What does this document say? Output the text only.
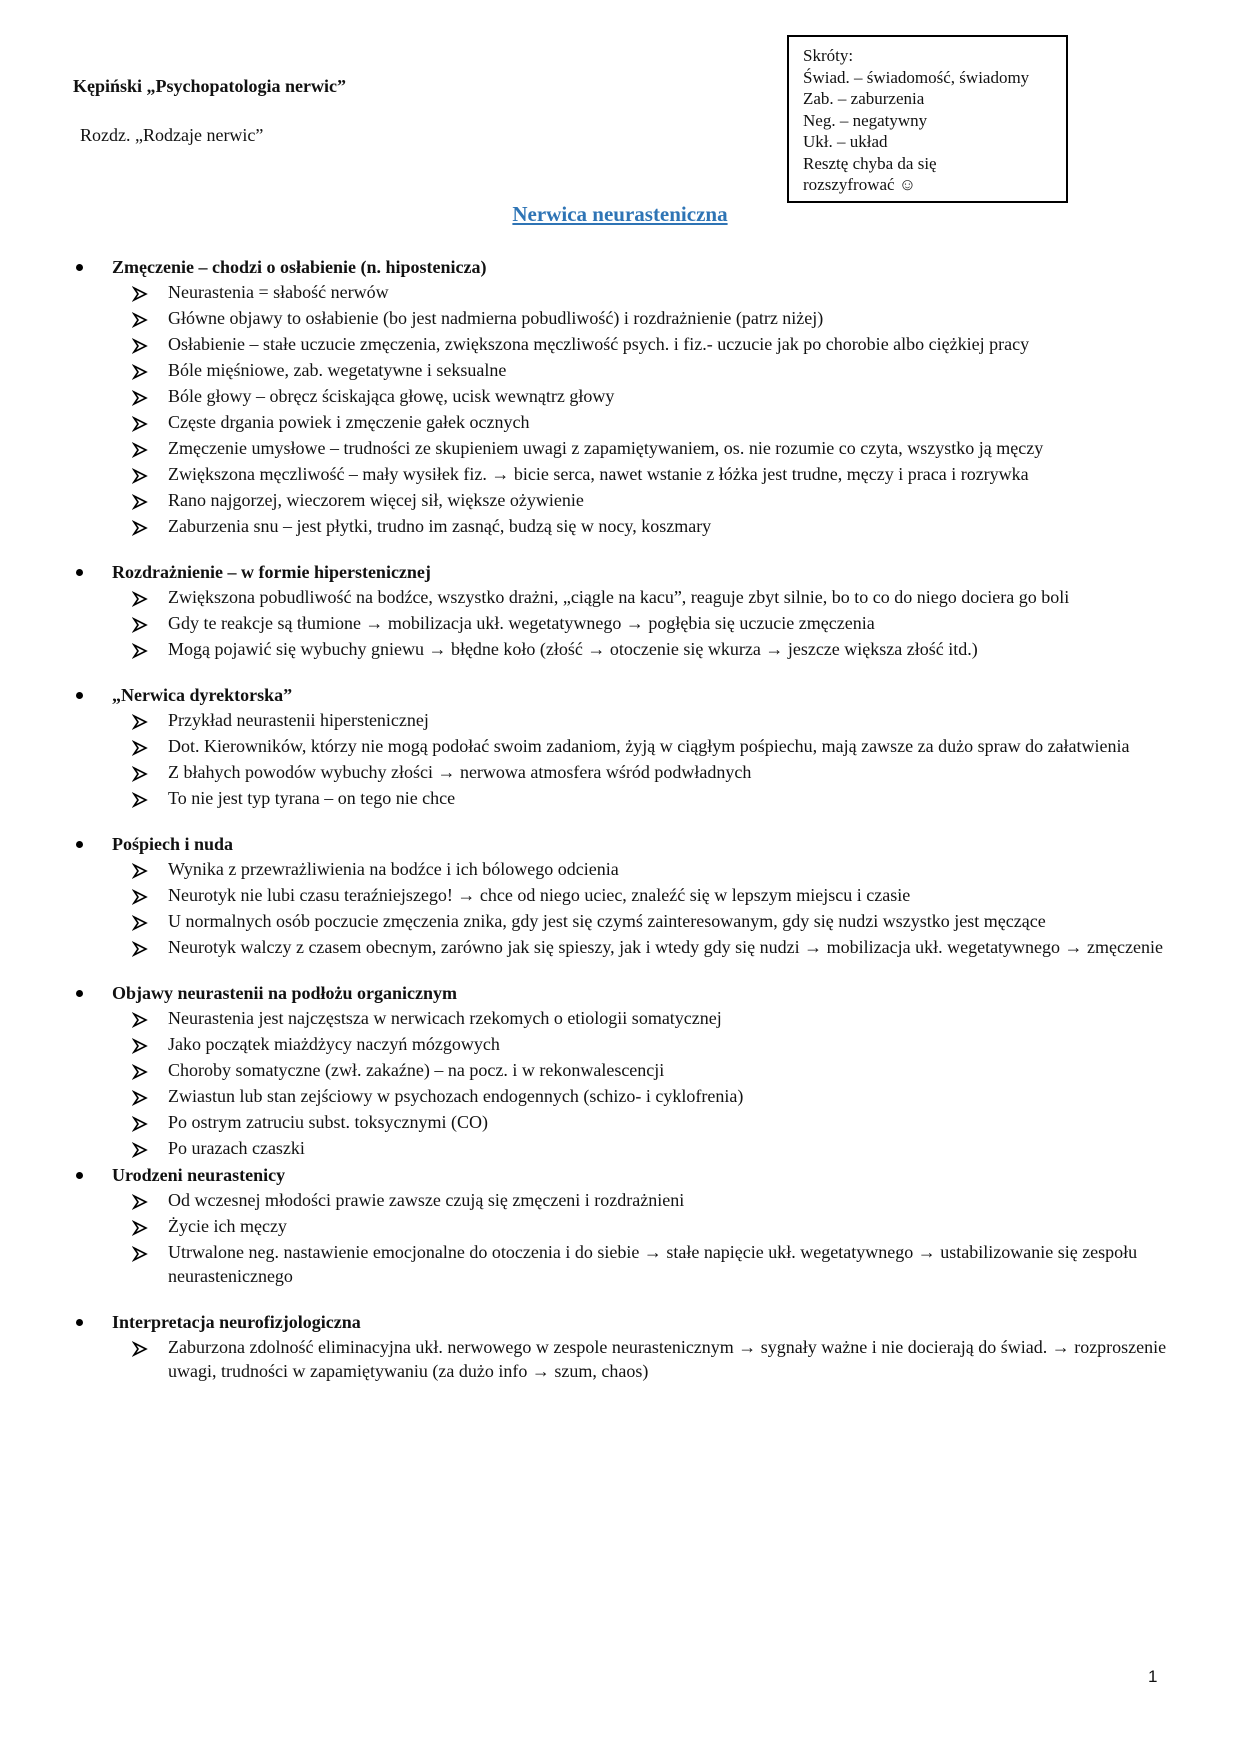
Kępiński „Psychopatologia nerwic”
Rozdz. „Rodzaje nerwic”
Skróty:
Świad. – świadomość, świadomy
Zab. – zaburzenia
Neg. – negatywny
Ukł. – układ
Resztę chyba da się
rozszyfrować ☺
Nerwica neurasteniczna
Zmęczenie – chodzi o osłabienie (n. hipostenicza)
Neurastenia = słabość nerwów
Główne objawy to osłabienie (bo jest nadmierna pobudliwość) i rozdrażnienie (patrz niżej)
Osłabienie – stałe uczucie zmęczenia, zwiększona męczliwość psych. i fiz.- uczucie jak po chorobie albo ciężkiej pracy
Bóle mięśniowe, zab. wegetatywne i seksualne
Bóle głowy – obręcz ściskająca głowę, ucisk wewnątrz głowy
Częste drgania powiek i zmęczenie gałek ocznych
Zmęczenie umysłowe – trudności ze skupieniem uwagi z zapamiętywaniem, os. nie rozumie co czyta, wszystko ją męczy
Zwiększona męczliwość – mały wysiłek fiz. → bicie serca, nawet wstanie z łóżka jest trudne, męczy i praca i rozrywka
Rano najgorzej, wieczorem więcej sił, większe ożywienie
Zaburzenia snu – jest płytki, trudno im zasnąć, budzą się w nocy, koszmary
Rozdrażnienie – w formie hiperstenicznej
Zwiększona pobudliwość na bodźce, wszystko drażni, „ciągle na kacu”, reaguje zbyt silnie, bo to co do niego dociera go boli
Gdy te reakcje są tłumione → mobilizacja ukł. wegetatywnego → pogłębia się uczucie zmęczenia
Mogą pojawić się wybuchy gniewu → błędne koło (złość → otoczenie się wkurza → jeszcze większa złość itd.)
„Nerwica dyrektorska”
Przykład neurastenii hiperstenicznej
Dot. Kierowników, którzy nie mogą podołać swoim zadaniom, żyją w ciągłym pośpiechu, mają zawsze za dużo spraw do załatwienia
Z błahych powodów wybuchy złości → nerwowa atmosfera wśród podwładnych
To nie jest typ tyrana – on tego nie chce
Pośpiech i nuda
Wynika z przewrażliwienia na bodźce i ich bólowego odcienia
Neurotyk nie lubi czasu teraźniejszego! → chce od niego uciec, znaleźć się w lepszym miejscu i czasie
U normalnych osób poczucie zmęczenia znika, gdy jest się czymś zainteresowanym, gdy się nudzi wszystko jest męczące
Neurotyk walczy z czasem obecnym, zarówno jak się spieszy, jak i wtedy gdy się nudzi → mobilizacja ukł. wegetatywnego → zmęczenie
Objawy neurastenii na podłożu organicznym
Neurastenia jest najczęstsza w nerwicach rzekomych o etiologii somatycznej
Jako początek miażdżycy naczyń mózgowych
Choroby somatyczne (zwł. zakaźne) – na pocz. i w rekonwalescencji
Zwiastun lub stan zejściowy w psychozach endogennych (schizo- i cyklofrenia)
Po ostrym zatruciu subst. toksycznymi (CO)
Po urazach czaszki
Urodzeni neurastenicy
Od wczesnej młodości prawie zawsze czują się zmęczeni i rozdrażnieni
Życie ich męczy
Utrwalone neg. nastawienie emocjonalne do otoczenia i do siebie → stałe napięcie ukł. wegetatywnego → ustabilizowanie się zespołu neurastenicznego
Interpretacja neurofizjologiczna
Zaburzona zdolność eliminacyjna ukł. nerwowego w zespole neurastenicznym → sygnały ważne i nie docierają do świad. → rozproszenie uwagi, trudności w zapamiętywaniu (za dużo info → szum, chaos)
1
